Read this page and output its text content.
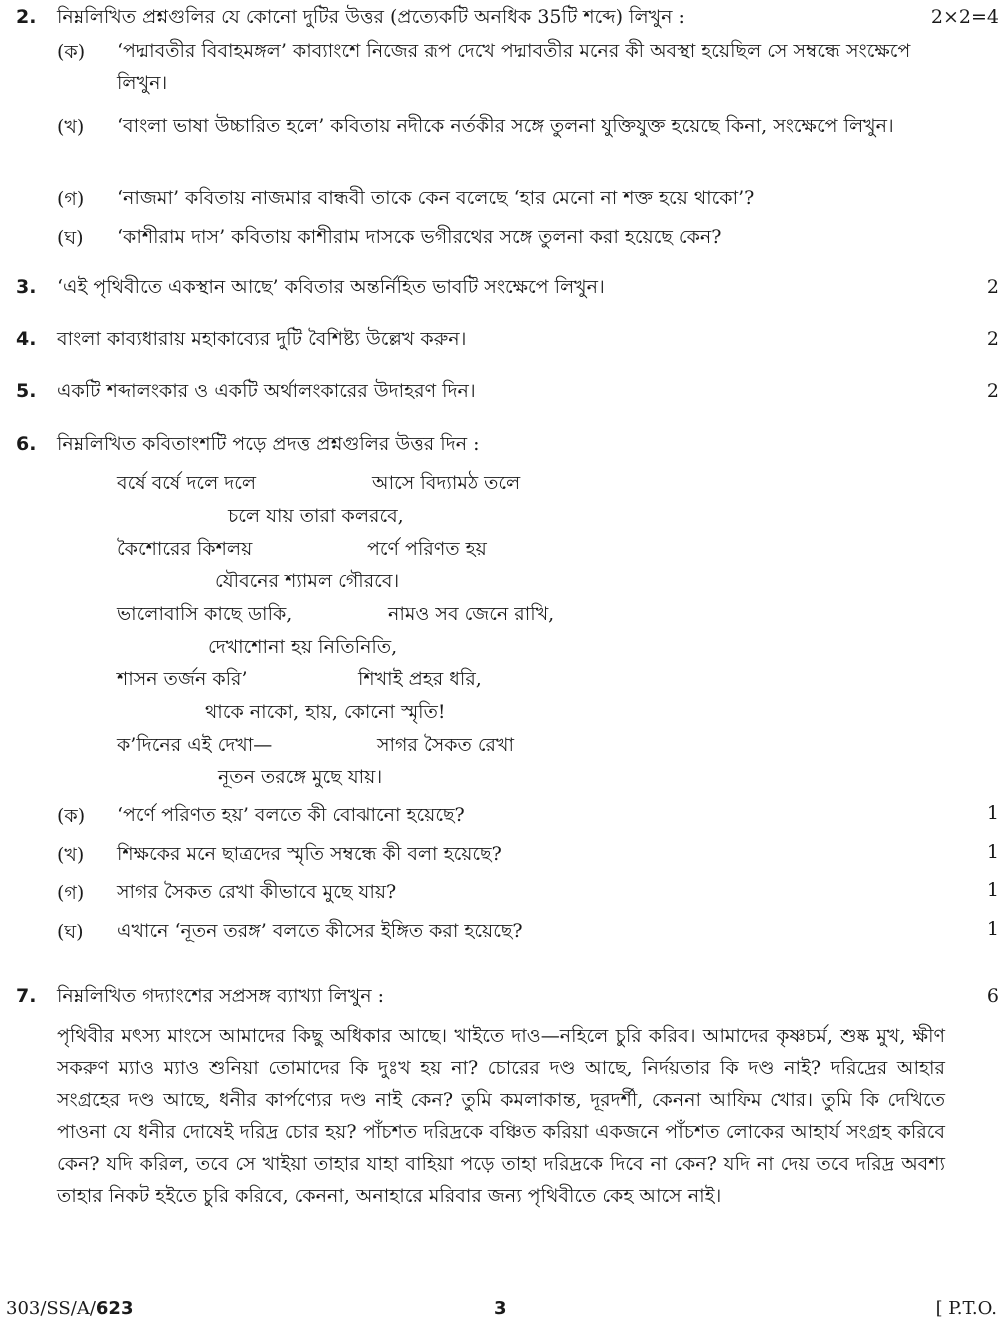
2. নিম্নলিখিত প্রশ্নগুলির যে কোনো দুটির উত্তর (প্রত্যেকটি অনধিক 35টি শব্দে) লিখুন :	2×2=4
(ক)	‘পদ্মাবতীর বিবাহমঙ্গল’ কাব্যাংশে নিজের রূপ দেখে পদ্মাবতীর মনের কী অবস্থা হয়েছিল সে সম্বন্ধে সংক্ষেপে লিখুন।
(খ)	‘বাংলা ভাষা উচ্চারিত হলে’ কবিতায় নদীকে নর্তকীর সঙ্গে তুলনা যুক্তিযুক্ত হয়েছে কিনা, সংক্ষেপে লিখুন।
(গ)	‘নাজমা’ কবিতায় নাজমার বান্ধবী তাকে কেন বলেছে ‘হার মেনো না শক্ত হয়ে থাকো’?
(ঘ)	‘কাশীরাম দাস’ কবিতায় কাশীরাম দাসকে ভগীরথের সঙ্গে তুলনা করা হয়েছে কেন?
3. ‘এই পৃথিবীতে একস্থান আছে’ কবিতার অন্তর্নিহিত ভাবটি সংক্ষেপে লিখুন।	2
4. বাংলা কাব্যধারায় মহাকাব্যের দুটি বৈশিষ্ট্য উল্লেখ করুন।	2
5. একটি শব্দালংকার ও একটি অর্থালংকারের উদাহরণ দিন।	2
6. নিম্নলিখিত কবিতাংশটি পড়ে প্রদত্ত প্রশ্নগুলির উত্তর দিন :
বর্ষে বর্ষে দলে দলে	আসে বিদ্যামঠ তলে
চলে যায় তারা কলরবে,
কৈশোরের কিশলয়	পর্ণে পরিণত হয়
যৌবনের শ্যামল গৌরবে।
ভালোবাসি কাছে ডাকি,	নামও সব জেনে রাখি,
দেখাশোনা হয় নিতিনিতি,
শাসন তর্জন করি’	শিখাই প্রহর ধরি,
থাকে নাকো, হায়, কোনো স্মৃতি!
ক’দিনের এই দেখা—	সাগর সৈকত রেখা
নূতন তরঙ্গে মুছে যায়।
(ক)	‘পর্ণে পরিণত হয়’ বলতে কী বোঝানো হয়েছে?	1
(খ)	শিক্ষকের মনে ছাত্রদের স্মৃতি সম্বন্ধে কী বলা হয়েছে?	1
(গ)	সাগর সৈকত রেখা কীভাবে মুছে যায়?	1
(ঘ)	এখানে ‘নূতন তরঙ্গ’ বলতে কীসের ইঙ্গিত করা হয়েছে?	1
7. নিম্নলিখিত গদ্যাংশের সপ্রসঙ্গ ব্যাখ্যা লিখুন :	6
পৃথিবীর মৎস্য মাংসে আমাদের কিছু অধিকার আছে। খাইতে দাও—নহিলে চুরি করিব। আমাদের কৃষ্ণচর্ম, শুষ্ক মুখ, ক্ষীণ সকরুণ ম্যাও ম্যাও শুনিয়া তোমাদের কি দুঃখ হয় না? চোরের দণ্ড আছে, নির্দয়তার কি দণ্ড নাই? দরিদ্রের আহার সংগ্রহের দণ্ড আছে, ধনীর কার্পণ্যের দণ্ড নাই কেন? তুমি কমলাকান্ত, দূরদর্শী, কেননা আফিম খোর। তুমি কি দেখিতে পাওনা যে ধনীর দোষেই দরিদ্র চোর হয়? পাঁচশত দরিদ্রকে বঞ্চিত করিয়া একজনে পাঁচশত লোকের আহার্য সংগ্রহ করিবে কেন? যদি করিল, তবে সে খাইয়া তাহার যাহা বাহিয়া পড়ে তাহা দরিদ্রকে দিবে না কেন? যদি না দেয় তবে দরিদ্র অবশ্য তাহার নিকট হইতে চুরি করিবে, কেননা, অনাহারে মরিবার জন্য পৃথিবীতে কেহ আসে নাই।
303/SS/A/623	3	[ P.T.O.
